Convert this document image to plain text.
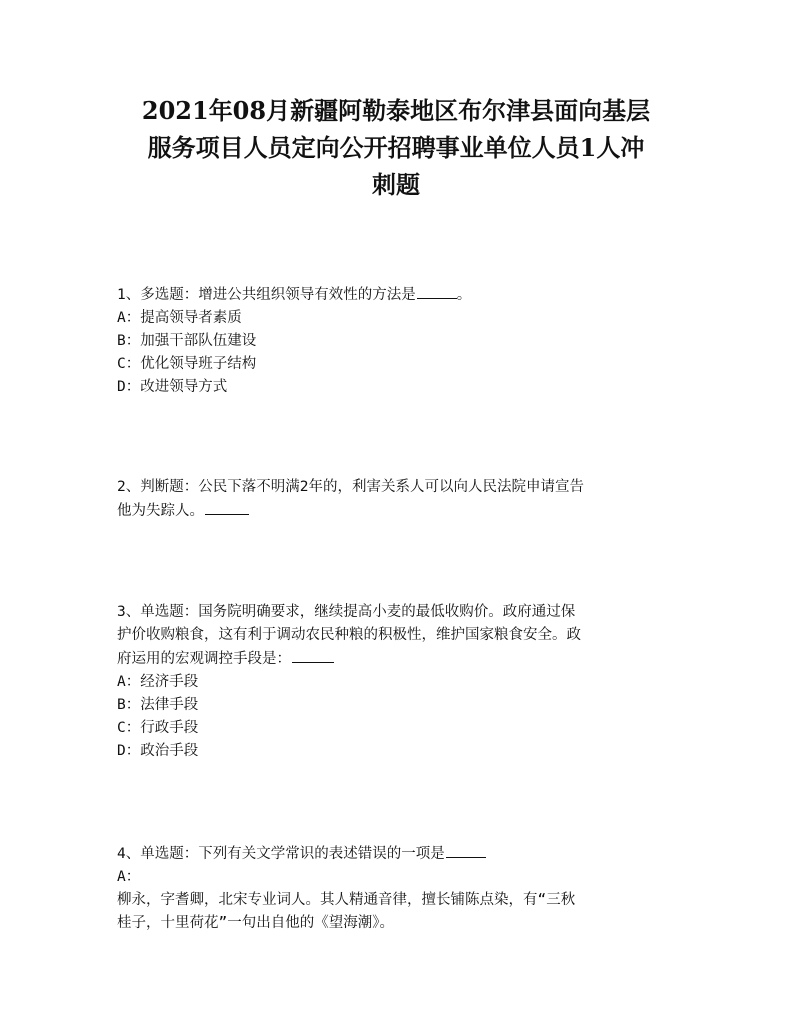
2021年08月新疆阿勒泰地区布尔津县面向基层
服务项目人员定向公开招聘事业单位人员1人冲
刺题
1、多选题：增进公共组织领导有效性的方法是	。
A：提高领导者素质
B：加强干部队伍建设
C：优化领导班子结构
D：改进领导方式
2、判断题：公民下落不明满2年的，利害关系人可以向人民法院申请宣告
他为失踪人。
3、单选题：国务院明确要求，继续提高小麦的最低收购价。政府通过保
护价收购粮食，这有利于调动农民种粮的积极性，维护国家粮食安全。政
府运用的宏观调控手段是：
A：经济手段
B：法律手段
C：行政手段
D：政治手段
4、单选题：下列有关文学常识的表述错误的一项是
A：
柳永，字耆卿，北宋专业词人。其人精通音律，擅长铺陈点染，有“三秋
桂子，十里荷花”一句出自他的《望海潮》。
